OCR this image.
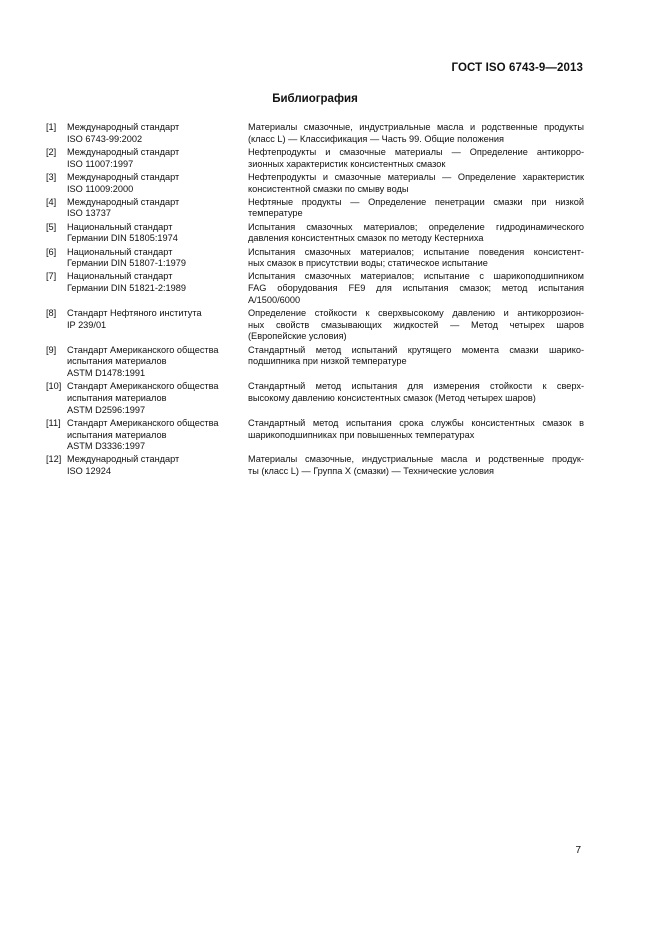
ГОСТ ISO 6743-9—2013
Библиография
[1]	Международный стандарт
ISO 6743-99:2002
Материалы смазочные, индустриальные масла и родственные продукты
(класс L) — Классификация — Часть 99. Общие положения
[2]	Международный стандарт
ISO 11007:1997
Нефтепродукты и смазочные материалы — Определение антикорро-
зионных характеристик консистентных смазок
[3]	Международный стандарт
ISO 11009:2000
Нефтепродукты и смазочные материалы — Определение характеристик
консистентной смазки по смыву воды
[4]	Международный стандарт
ISO 13737
Нефтяные продукты — Определение пенетрации смазки при низкой
температуре
[5]	Национальный стандарт
Германии DIN 51805:1974
Испытания смазочных материалов; определение гидродинамического
давления консистентных смазок по методу Кестерниха
[6]	Национальный стандарт
Германии DIN 51807-1:1979
Испытания смазочных материалов; испытание поведения консистент-
ных смазок в присутствии воды; статическое испытание
[7]	Национальный стандарт
Германии DIN 51821-2:1989
Испытания смазочных материалов; испытание с шарикоподшипником
FAG оборудования FE9 для испытания смазок; метод испытания
A/1500/6000
[8]	Стандарт Нефтяного института
IP 239/01
Определение стойкости к сверхвысокому давлению и антикоррозион-
ных свойств смазывающих жидкостей — Метод четырех шаров
(Европейские условия)
[9]	Стандарт Американского общества
испытания материалов
ASTM D1478:1991
Стандартный метод испытаний крутящего момента смазки шарико-
подшипника при низкой температуре
[10] Стандарт Американского общества
испытания материалов
ASTM D2596:1997
Стандартный метод испытания для измерения стойкости к сверх-
высокому давлению консистентных смазок (Метод четырех шаров)
[11] Стандарт Американского общества
испытания материалов
ASTM D3336:1997
Стандартный метод испытания срока службы консистентных смазок в
шарикоподшипниках при повышенных температурах
[12] Международный стандарт
ISO 12924
Материалы смазочные, индустриальные масла и родственные продук-
ты (класс L) — Группа X (смазки) — Технические условия
7
